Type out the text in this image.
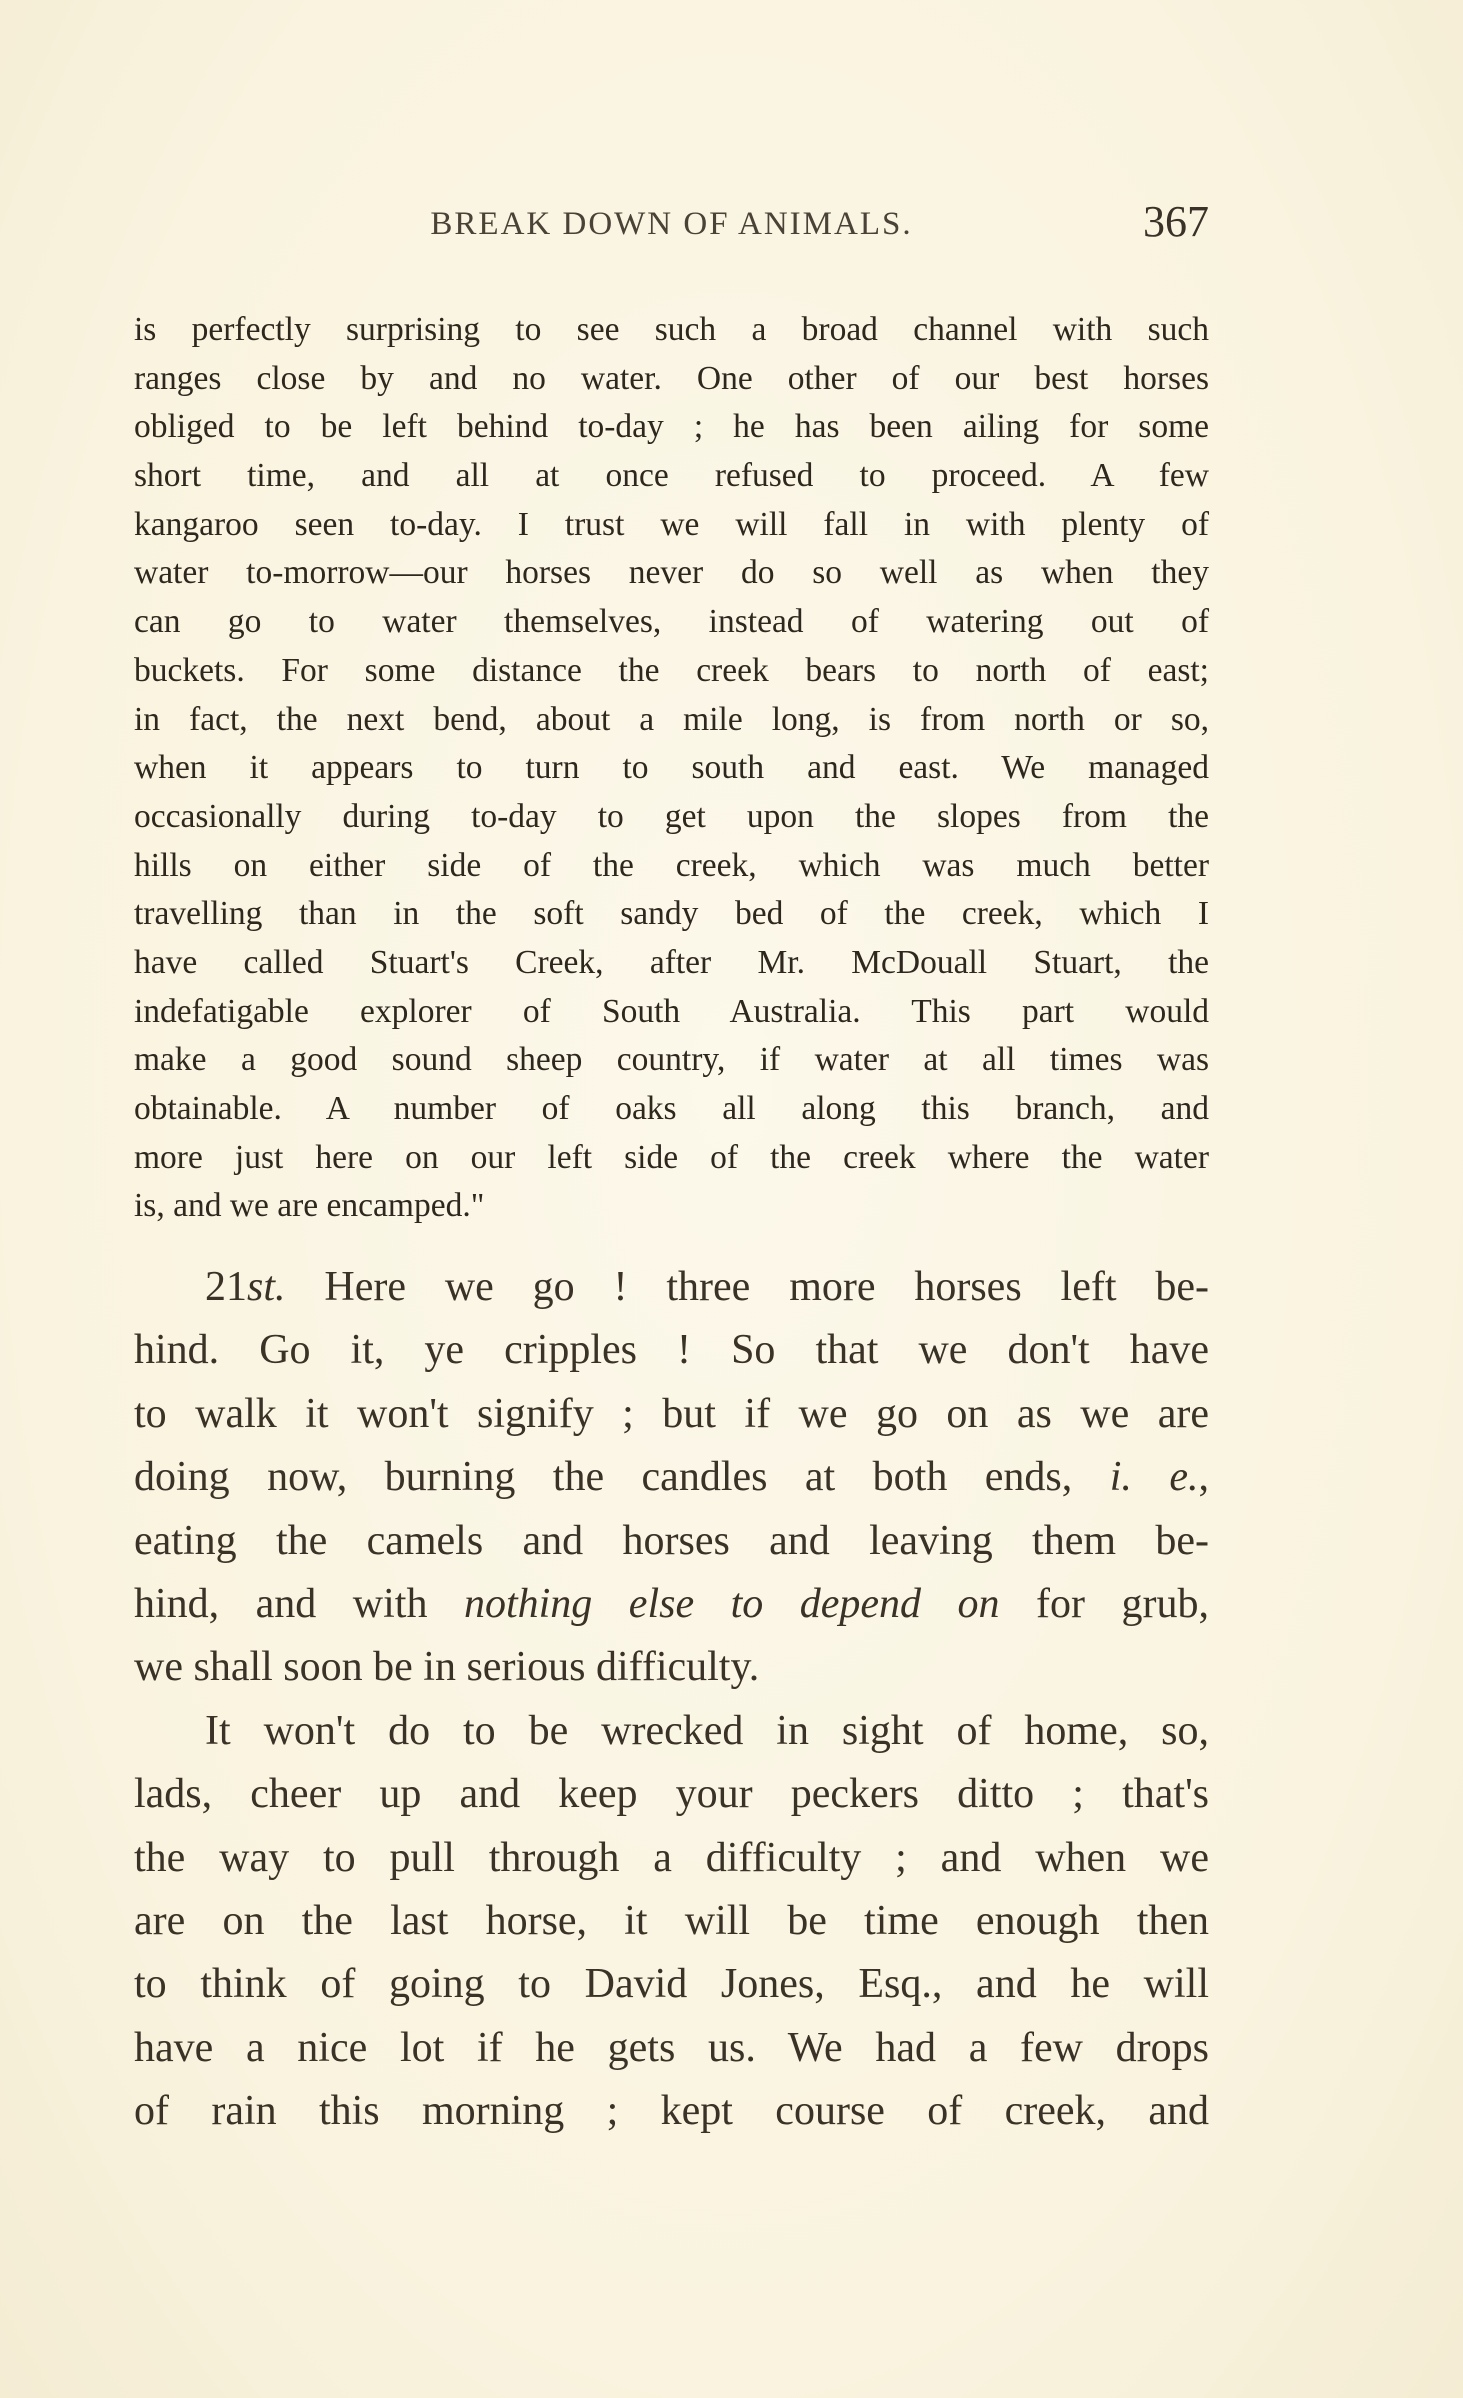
BREAK DOWN OF ANIMALS.	367
is perfectly surprising to see such a broad channel with such
ranges close by and no water. One other of our best horses
obliged to be left behind to-day ; he has been ailing for some
short time, and all at once refused to proceed. A few
kangaroo seen to-day. I trust we will fall in with plenty of
water to-morrow—our horses never do so well as when they
can go to water themselves, instead of watering out of
buckets. For some distance the creek bears to north of east;
in fact, the next bend, about a mile long, is from north or so,
when it appears to turn to south and east. We managed
occasionally during to-day to get upon the slopes from the
hills on either side of the creek, which was much better
travelling than in the soft sandy bed of the creek, which I
have called Stuart's Creek, after Mr. McDouall Stuart, the
indefatigable explorer of South Australia. This part would
make a good sound sheep country, if water at all times was
obtainable. A number of oaks all along this branch, and
more just here on our left side of the creek where the water
is, and we are encamped."
21st. Here we go ! three more horses left be-
hind. Go it, ye cripples ! So that we don't have
to walk it won't signify ; but if we go on as we are
doing now, burning the candles at both ends, i. e.,
eating the camels and horses and leaving them be-
hind, and with nothing else to depend on for grub,
we shall soon be in serious difficulty.
It won't do to be wrecked in sight of home, so,
lads, cheer up and keep your peckers ditto ; that's
the way to pull through a difficulty ; and when we
are on the last horse, it will be time enough then
to think of going to David Jones, Esq., and he will
have a nice lot if he gets us. We had a few drops
of rain this morning ; kept course of creek, and
